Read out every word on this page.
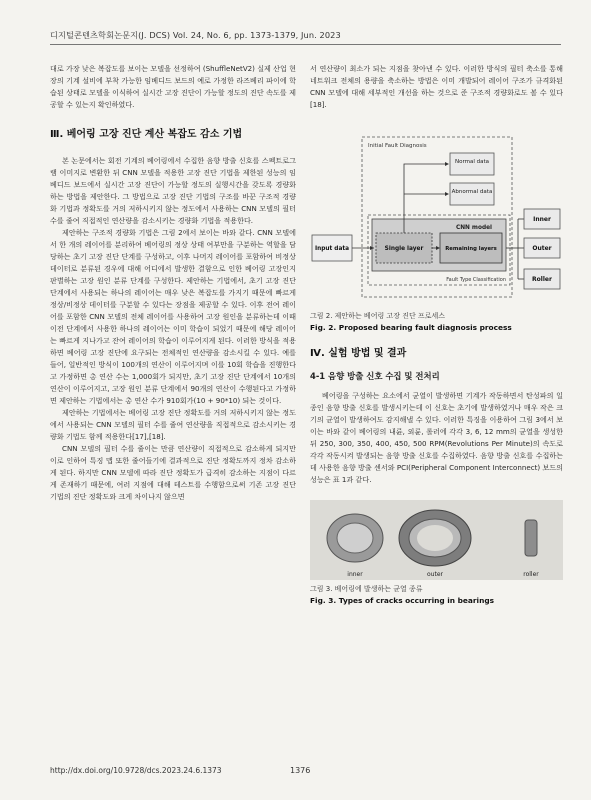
디지털콘텐츠학회논문지(J. DCS) Vol. 24, No. 6, pp. 1373-1379, Jun. 2023

대로 가장 낮은 복잡도를 보이는 모델을 선정하여 (ShuffleNetV2) 실제 산업 현장의 기계 설비에 부착 가능한 임베디드 보드의 예로 가정한 라즈베리 파이에 학습된 상태로 모델을 이식하여 실시간 고장 진단이 가능할 정도의 진단 속도를 제공할 수 있는지 확인하였다.

Ⅲ. 베어링 고장 진단 계산 복잡도 감소 기법

본 논문에서는 회전 기계의 베어링에서 수집한 음향 방출 신호를 스펙트로그램 이미지로 변환한 뒤 CNN 모델을 적용한 고장 진단 기법을 제한된 성능의 임베디드 보드에서 실시간 고장 진단이 가능할 정도의 실행시간을 갖도록 경량화하는 방법을 제안한다. 그 방법으로 고장 진단 기법의 구조를 바꾼 구조적 경량화 기법과 정확도를 거의 저하시키지 않는 정도에서 사용하는 CNN 모델의 필터 수를 줄여 직접적인 연산량을 감소시키는 경량화 기법을 적용한다.

제안하는 구조적 경량화 기법은 그림 2에서 보이는 바와 같다. CNN 모델에서 한 개의 레이어를 분리하여 베어링의 정상 상태 여부만을 구분하는 역할을 담당하는 초기 고장 진단 단계를 구성하고, 이후 나머지 레이어를 포함하여 비정상 데이터로 분류된 경우에 대해 어디에서 발생한 결함으로 인한 베어링 고장인지 판별하는 고장 원인 분류 단계를 구성한다. 제안하는 기법에서, 초기 고장 진단 단계에서 사용되는 하나의 레이어는 매우 낮은 복잡도를 가지기 때문에 빠르게 정상/비정상 데이터를 구분할 수 있다는 장점을 제공할 수 있다. 이후 전여 레이어를 포함한 CNN 모델의 전체 레이어를 사용하여 고장 원인을 분류하는데 이때 이전 단계에서 사용한 하나의 레이어는 이미 학습이 되었기 때문에 해당 레이어는 빠르게 지나가고 잔여 레이어의 학습이 이루어지게 된다. 이러한 방식을 적용하면 베어링 고장 진단에 요구되는 전체적인 연산량을 감소시킬 수 있다. 예를 들어, 일반적인 방식이 100개의 연산이 이루어지며 이를 10회 학습을 진행한다고 가정하면 총 연산 수는 1,000회가 되지만, 초기 고장 진단 단계에서 10개의 연산이 이루어지고, 고장 원인 분류 단계에서 90개의 연산이 수행된다고 가정하면 제안하는 기법에서는 총 연산 수가 910회가(10 + 90*10) 되는 것이다.

제안하는 기법에서는 베어링 고장 진단 정확도를 거의 저하시키지 않는 정도에서 사용되는 CNN 모델의 필터 수를 줄여 연산량을 직접적으로 감소시키는 경량화 기법도 함께 적용한다[17],[18].

CNN 모델의 필터 수를 줄이는 만큼 연산량이 직접적으로 감소하게 되지만 이로 인하여 특징 맵 또한 줄어들기에 결과적으로 진단 정확도까지 정차 감소하게 된다. 하지만 CNN 모델에 따라 진단 정확도가 급격히 감소하는 지점이 다르게 존재하기 때문에, 여러 지점에 대해 테스트를 수행함으로써 기존 고장 진단 기법의 진단 정확도와 크게 차이나지 않으면

서 연산량이 최소가 되는 지점을 찾아낸 수 있다. 이러한 방식의 필터 축소를 통해 네트워크 전체의 용량을 축소하는 방법은 이미 개발되어 레이어 구조가 규격화된 CNN 모델에 대해 세부적인 개선을 하는 것으로 준 구조적 경량화로도 볼 수 있다[18].

Initial Fault Diagnosis
Normal data
Abnormal data
CNN model
Single layer	Remaining layers
Fault Type Classification
Input data
Inner
Outer
Roller
그림 2. 제안하는 베어링 고장 진단 프로세스
Fig. 2. Proposed bearing fault diagnosis process
Ⅳ. 실험 방법 및 결과
4-1 음향 방출 신호 수집 및 전처리

베어링을 구성하는 요소에서 균열이 발생하면 기계가 작동하면서 탄성파의 일종인 음향 방출 신호를 발생시키는데 이 신호는 초기에 발생하였거나 매우 작은 크기의 균열이 발생하여도 감지해낼 수 있다. 이러한 특징을 이용하여 그림 3에서 보이는 바와 같이 베어링의 내륜, 외륜, 롤러에 각각 3, 6, 12 mm의 균열을 생성한 뒤 250, 300, 350, 400, 450, 500 RPM(Revolutions Per Minute)의 속도로 각각 작동시켜 발생되는 음향 방출 신호를 수집하였다. 음향 방출 신호를 수집하는데 사용한 음향 방출 센서와 PCI(Peripheral Component Interconnect) 보드의 성능은 표 1과 같다.

inner	outer	roller
그림 3. 베어링에 발생하는 균열 종류
Fig. 3. Types of cracks occurring in bearings
http://dx.doi.org/10.9728/dcs.2023.24.6.1373	1376
